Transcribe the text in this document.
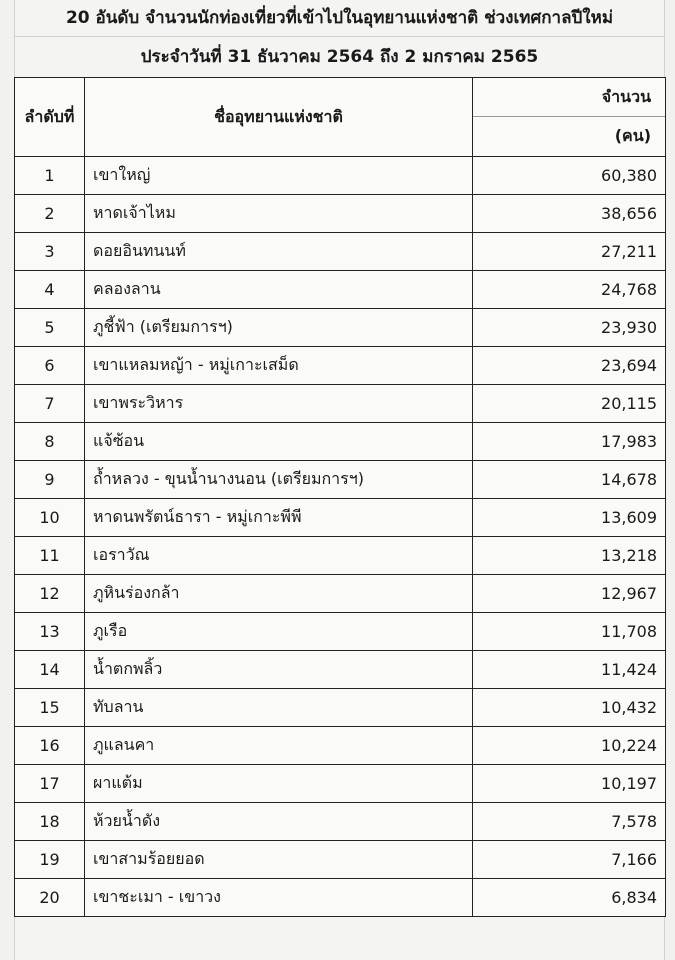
20 อันดับ จำนวนนักท่องเที่ยวที่เข้าไปในอุทยานแห่งชาติ ช่วงเทศกาลปีใหม่
ประจำวันที่ 31 ธันวาคม 2564 ถึง 2 มกราคม 2565
ลำดับที่	ชื่ออุทยานแห่งชาติ	จำนวน
(คน)

1	เขาใหญ่	60,380
2	หาดเจ้าไหม	38,656
3	ดอยอินทนนท์	27,211
4	คลองลาน	24,768
5	ภูชี้ฟ้า (เตรียมการฯ)	23,930
6	เขาแหลมหญ้า - หมู่เกาะเสม็ด	23,694
7	เขาพระวิหาร	20,115
8	แจ้ซ้อน	17,983
9	ถ้ำหลวง - ขุนน้ำนางนอน (เตรียมการฯ)	14,678
10	หาดนพรัตน์ธารา - หมู่เกาะพีพี	13,609
11	เอราวัณ	13,218
12	ภูหินร่องกล้า	12,967
13	ภูเรือ	11,708
14	น้ำตกพลิ้ว	11,424
15	ทับลาน	10,432
16	ภูแลนคา	10,224
17	ผาแต้ม	10,197
18	ห้วยน้ำดัง	7,578
19	เขาสามร้อยยอด	7,166
20	เขาชะเมา - เขาวง	6,834
